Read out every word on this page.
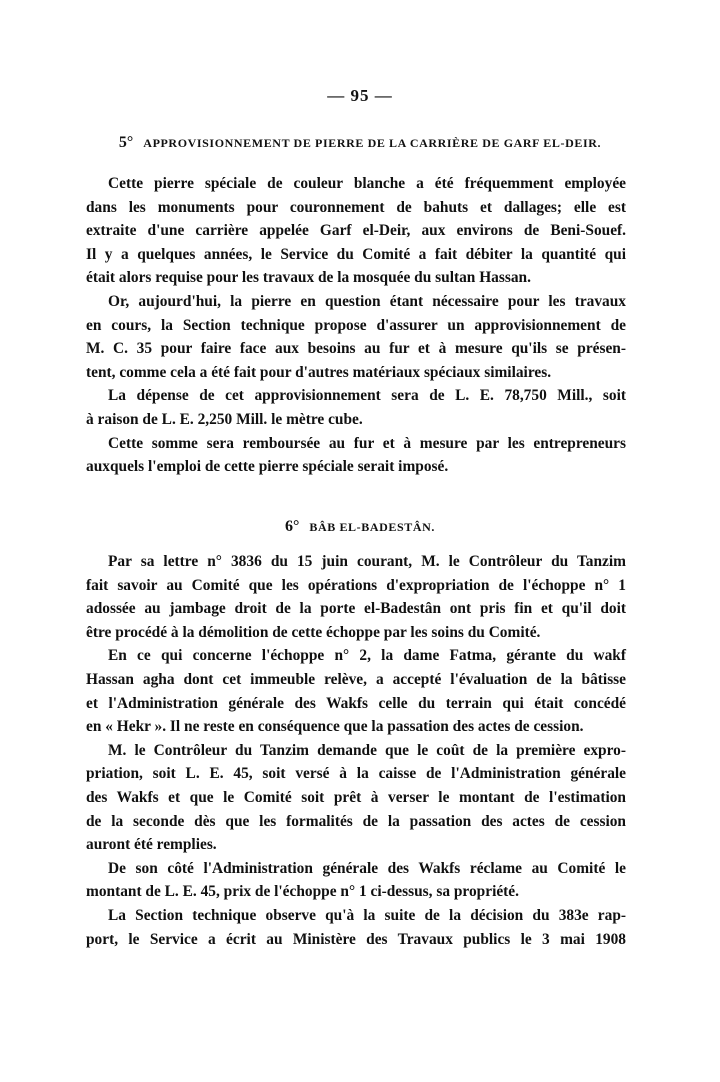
— 95 —
5° APPROVISIONNEMENT DE PIERRE DE LA CARRIÈRE DE GARF EL-DEIR.
Cette pierre spéciale de couleur blanche a été fréquemment employée
dans les monuments pour couronnement de bahuts et dallages; elle est
extraite d'une carrière appelée Garf el-Deir, aux environs de Beni-Souef.
Il y a quelques années, le Service du Comité a fait débiter la quantité qui
était alors requise pour les travaux de la mosquée du sultan Hassan.
Or, aujourd'hui, la pierre en question étant nécessaire pour les travaux
en cours, la Section technique propose d'assurer un approvisionnement de
M. C. 35 pour faire face aux besoins au fur et à mesure qu'ils se présen-
tent, comme cela a été fait pour d'autres matériaux spéciaux similaires.
La dépense de cet approvisionnement sera de L. E. 78,750 Mill., soit
à raison de L. E. 2,250 Mill. le mètre cube.
Cette somme sera remboursée au fur et à mesure par les entrepreneurs
auxquels l'emploi de cette pierre spéciale serait imposé.
6° BÂB EL-BADESTÂN.
Par sa lettre n° 3836 du 15 juin courant, M. le Contrôleur du Tanzim
fait savoir au Comité que les opérations d'expropriation de l'échoppe n° 1
adossée au jambage droit de la porte el-Badestân ont pris fin et qu'il doit
être procédé à la démolition de cette échoppe par les soins du Comité.
En ce qui concerne l'échoppe n° 2, la dame Fatma, gérante du wakf
Hassan agha dont cet immeuble relève, a accepté l'évaluation de la bâtisse
et l'Administration générale des Wakfs celle du terrain qui était concédé
en « Hekr ». Il ne reste en conséquence que la passation des actes de cession.
M. le Contrôleur du Tanzim demande que le coût de la première expro-
priation, soit L. E. 45, soit versé à la caisse de l'Administration générale
des Wakfs et que le Comité soit prêt à verser le montant de l'estimation
de la seconde dès que les formalités de la passation des actes de cession
auront été remplies.
De son côté l'Administration générale des Wakfs réclame au Comité le
montant de L. E. 45, prix de l'échoppe n° 1 ci-dessus, sa propriété.
La Section technique observe qu'à la suite de la décision du 383e rap-
port, le Service a écrit au Ministère des Travaux publics le 3 mai 1908
